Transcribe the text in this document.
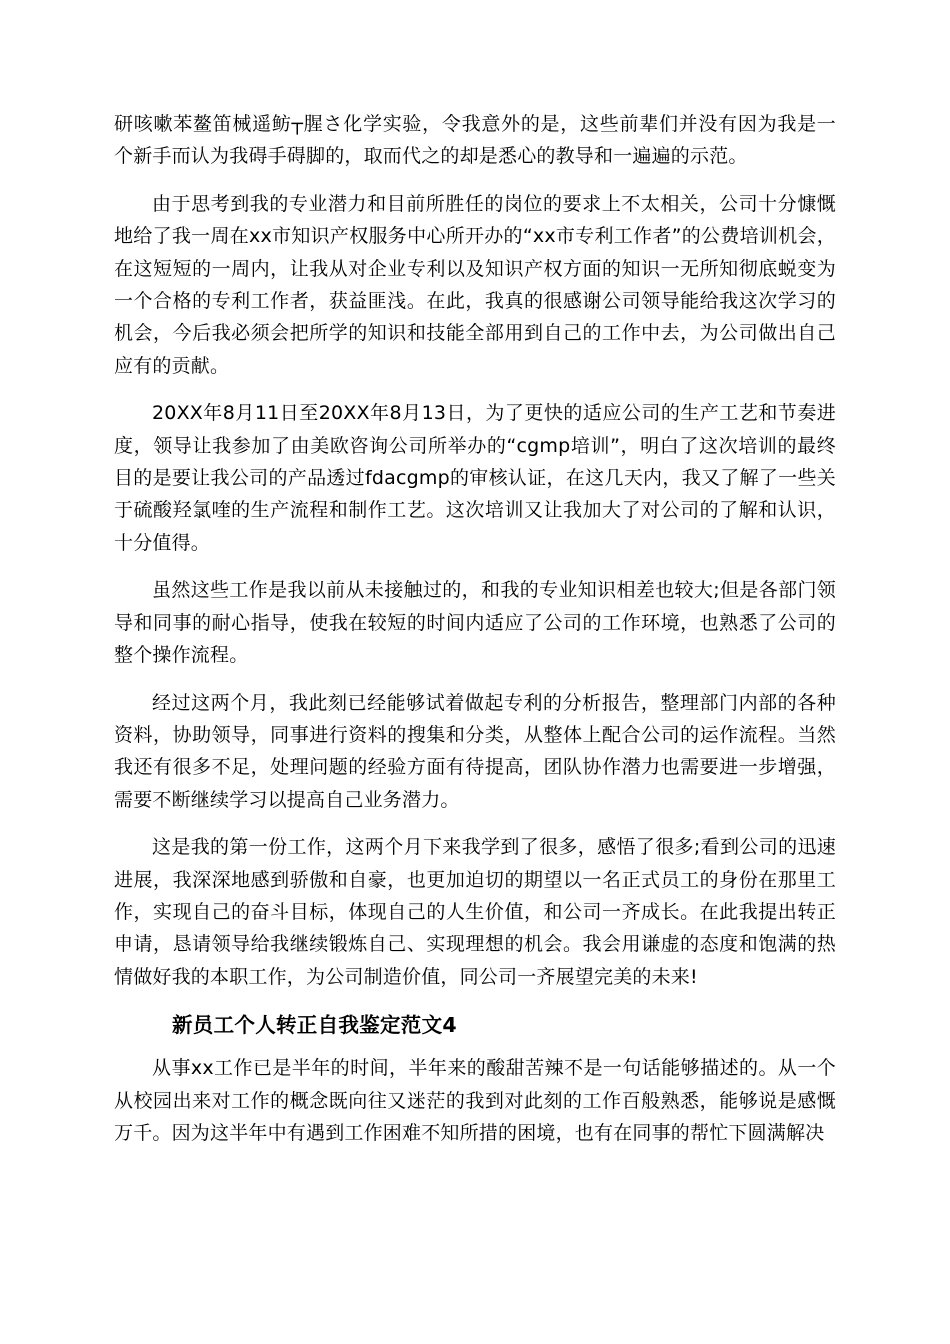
研咳嗽苯鳌笛械遥鲂┬腥さ化学实验，令我意外的是，这些前辈们并没有因为我是一个新手而认为我碍手碍脚的，取而代之的却是悉心的教导和一遍遍的示范。

由于思考到我的专业潜力和目前所胜任的岗位的要求上不太相关，公司十分慷慨地给了我一周在xx市知识产权服务中心所开办的“xx市专利工作者”的公费培训机会，在这短短的一周内，让我从对企业专利以及知识产权方面的知识一无所知彻底蜕变为一个合格的专利工作者，获益匪浅。在此，我真的很感谢公司领导能给我这次学习的机会，今后我必须会把所学的知识和技能全部用到自己的工作中去，为公司做出自己应有的贡献。

20XX年8月11日至20XX年8月13日，为了更快的适应公司的生产工艺和节奏进度，领导让我参加了由美欧咨询公司所举办的“cgmp培训”，明白了这次培训的最终目的是要让我公司的产品透过fdacgmp的审核认证，在这几天内，我又了解了一些关于硫酸羟氯喹的生产流程和制作工艺。这次培训又让我加大了对公司的了解和认识，十分值得。

虽然这些工作是我以前从未接触过的，和我的专业知识相差也较大;但是各部门领导和同事的耐心指导，使我在较短的时间内适应了公司的工作环境，也熟悉了公司的整个操作流程。

经过这两个月，我此刻已经能够试着做起专利的分析报告，整理部门内部的各种资料，协助领导，同事进行资料的搜集和分类，从整体上配合公司的运作流程。当然我还有很多不足，处理问题的经验方面有待提高，团队协作潜力也需要进一步增强，需要不断继续学习以提高自己业务潜力。

这是我的第一份工作，这两个月下来我学到了很多，感悟了很多;看到公司的迅速进展，我深深地感到骄傲和自豪，也更加迫切的期望以一名正式员工的身份在那里工作，实现自己的奋斗目标，体现自己的人生价值，和公司一齐成长。在此我提出转正申请，恳请领导给我继续锻炼自己、实现理想的机会。我会用谦虚的态度和饱满的热情做好我的本职工作，为公司制造价值，同公司一齐展望完美的未来!

新员工个人转正自我鉴定范文4

从事xx工作已是半年的时间，半年来的酸甜苦辣不是一句话能够描述的。从一个从校园出来对工作的概念既向往又迷茫的我到对此刻的工作百般熟悉，能够说是感慨万千。因为这半年中有遇到工作困难不知所措的困境，也有在同事的帮忙下圆满解决
